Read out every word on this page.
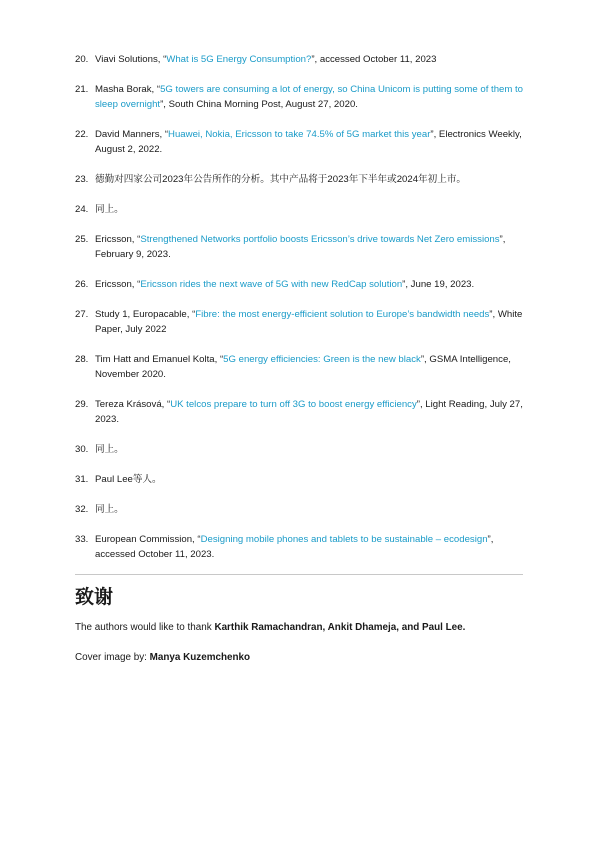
20. Viavi Solutions, “What is 5G Energy Consumption?”, accessed October 11, 2023
21. Masha Borak, “5G towers are consuming a lot of energy, so China Unicom is putting some of them to sleep overnight”, South China Morning Post, August 27, 2020.
22. David Manners, “Huawei, Nokia, Ericsson to take 74.5% of 5G market this year”, Electronics Weekly, August 2, 2022.
23. 德勤对四家公司2023年公告所作的分析。其中产品将于2023年下半年或2024年初上市。
24. 同上。
25. Ericsson, “Strengthened Networks portfolio boosts Ericsson’s drive towards Net Zero emissions”, February 9, 2023.
26. Ericsson, “Ericsson rides the next wave of 5G with new RedCap solution”, June 19, 2023.
27. Study 1, Europacable, “Fibre: the most energy-efficient solution to Europe’s bandwidth needs”, White Paper, July 2022
28. Tim Hatt and Emanuel Kolta, “5G energy efficiencies: Green is the new black”, GSMA Intelligence, November 2020.
29. Tereza Krásová, “UK telcos prepare to turn off 3G to boost energy efficiency”, Light Reading, July 27, 2023.
30. 同上。
31. Paul Lee等人。
32. 同上。
33. European Commission, “Designing mobile phones and tablets to be sustainable – ecodesign”, accessed October 11, 2023.
致谢

The authors would like to thank Karthik Ramachandran, Ankit Dhameja, and Paul Lee.

Cover image by: Manya Kuzemchenko
